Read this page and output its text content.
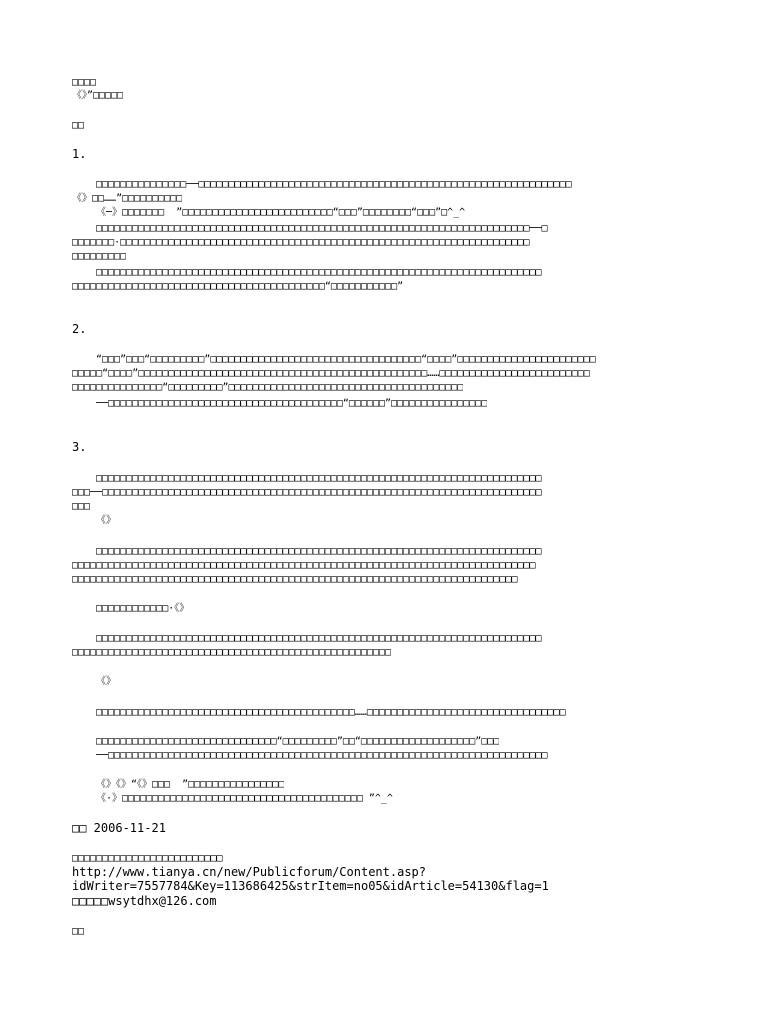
□□□□
《》”□□□□□
□□
1.
□□□□□□□□□□□□□□□──□□□□□□□□□□□□□□□□□□□□□□□□□□□□□□□□□□□□□□□□□□□□□□□□□□□□□□□□□□□□□□
《》□□……”□□□□□□□□□□
《─》□□□□□□□  ”□□□□□□□□□□□□□□□□□□□□□□□□□“□□□”□□□□□□□□“□□□”□^_^
□□□□□□□□□□□□□□□□□□□□□□□□□□□□□□□□□□□□□□□□□□□□□□□□□□□□□□□□□□□□□□□□□□□□□□□□──□
□□□□□□□·□□□□□□□□□□□□□□□□□□□□□□□□□□□□□□□□□□□□□□□□□□□□□□□□□□□□□□□□□□□□□□□□□□□□
□□□□□□□□□
□□□□□□□□□□□□□□□□□□□□□□□□□□□□□□□□□□□□□□□□□□□□□□□□□□□□□□□□□□□□□□□□□□□□□□□□□□
□□□□□□□□□□□□□□□□□□□□□□□□□□□□□□□□□□□□□□□□□□“□□□□□□□□□□□”
2.
“□□□”□□□“□□□□□□□□□”□□□□□□□□□□□□□□□□□□□□□□□□□□□□□□□□□□□“□□□□”□□□□□□□□□□□□□□□□□□□□□□□
□□□□□“□□□□”□□□□□□□□□□□□□□□□□□□□□□□□□□□□□□□□□□□□□□□□□□□□□□□□……□□□□□□□□□□□□□□□□□□□□□□□□□
□□□□□□□□□□□□□□□“□□□□□□□□□”□□□□□□□□□□□□□□□□□□□□□□□□□□□□□□□□□□□□□□□
──□□□□□□□□□□□□□□□□□□□□□□□□□□□□□□□□□□□□□□□“□□□□□□”□□□□□□□□□□□□□□□□
3.
□□□□□□□□□□□□□□□□□□□□□□□□□□□□□□□□□□□□□□□□□□□□□□□□□□□□□□□□□□□□□□□□□□□□□□□□□□
□□□──□□□□□□□□□□□□□□□□□□□□□□□□□□□□□□□□□□□□□□□□□□□□□□□□□□□□□□□□□□□□□□□□□□□□□□□□□
□□□
《》
□□□□□□□□□□□□□□□□□□□□□□□□□□□□□□□□□□□□□□□□□□□□□□□□□□□□□□□□□□□□□□□□□□□□□□□□□□
□□□□□□□□□□□□□□□□□□□□□□□□□□□□□□□□□□□□□□□□□□□□□□□□□□□□□□□□□□□□□□□□□□□□□□□□□□□□□
□□□□□□□□□□□□□□□□□□□□□□□□□□□□□□□□□□□□□□□□□□□□□□□□□□□□□□□□□□□□□□□□□□□□□□□□□□
□□□□□□□□□□□□·《》
□□□□□□□□□□□□□□□□□□□□□□□□□□□□□□□□□□□□□□□□□□□□□□□□□□□□□□□□□□□□□□□□□□□□□□□□□□
□□□□□□□□□□□□□□□□□□□□□□□□□□□□□□□□□□□□□□□□□□□□□□□□□□□□□
《》
□□□□□□□□□□□□□□□□□□□□□□□□□□□□□□□□□□□□□□□□□□□……□□□□□□□□□□□□□□□□□□□□□□□□□□□□□□□□□
□□□□□□□□□□□□□□□□□□□□□□□□□□□□□□“□□□□□□□□□”□□“□□□□□□□□□□□□□□□□□□□”□□□
──□□□□□□□□□□□□□□□□□□□□□□□□□□□□□□□□□□□□□□□□□□□□□□□□□□□□□□□□□□□□□□□□□□□□□□□□□
《》《》“《》□□□  ”□□□□□□□□□□□□□□□□
《·》□□□□□□□□□□□□□□□□□□□□□□□□□□□□□□□□□□□□□□□□ ”^_^
□□ 2006-11-21
□□□□□□□□□□□□□□□□□□□□□□□□□
http://www.tianya.cn/new/Publicforum/Content.asp?
idWriter=7557784&Key=113686425&strItem=no05&idArticle=54130&flag=1
□□□□□wsytdhx@126.com
□□
